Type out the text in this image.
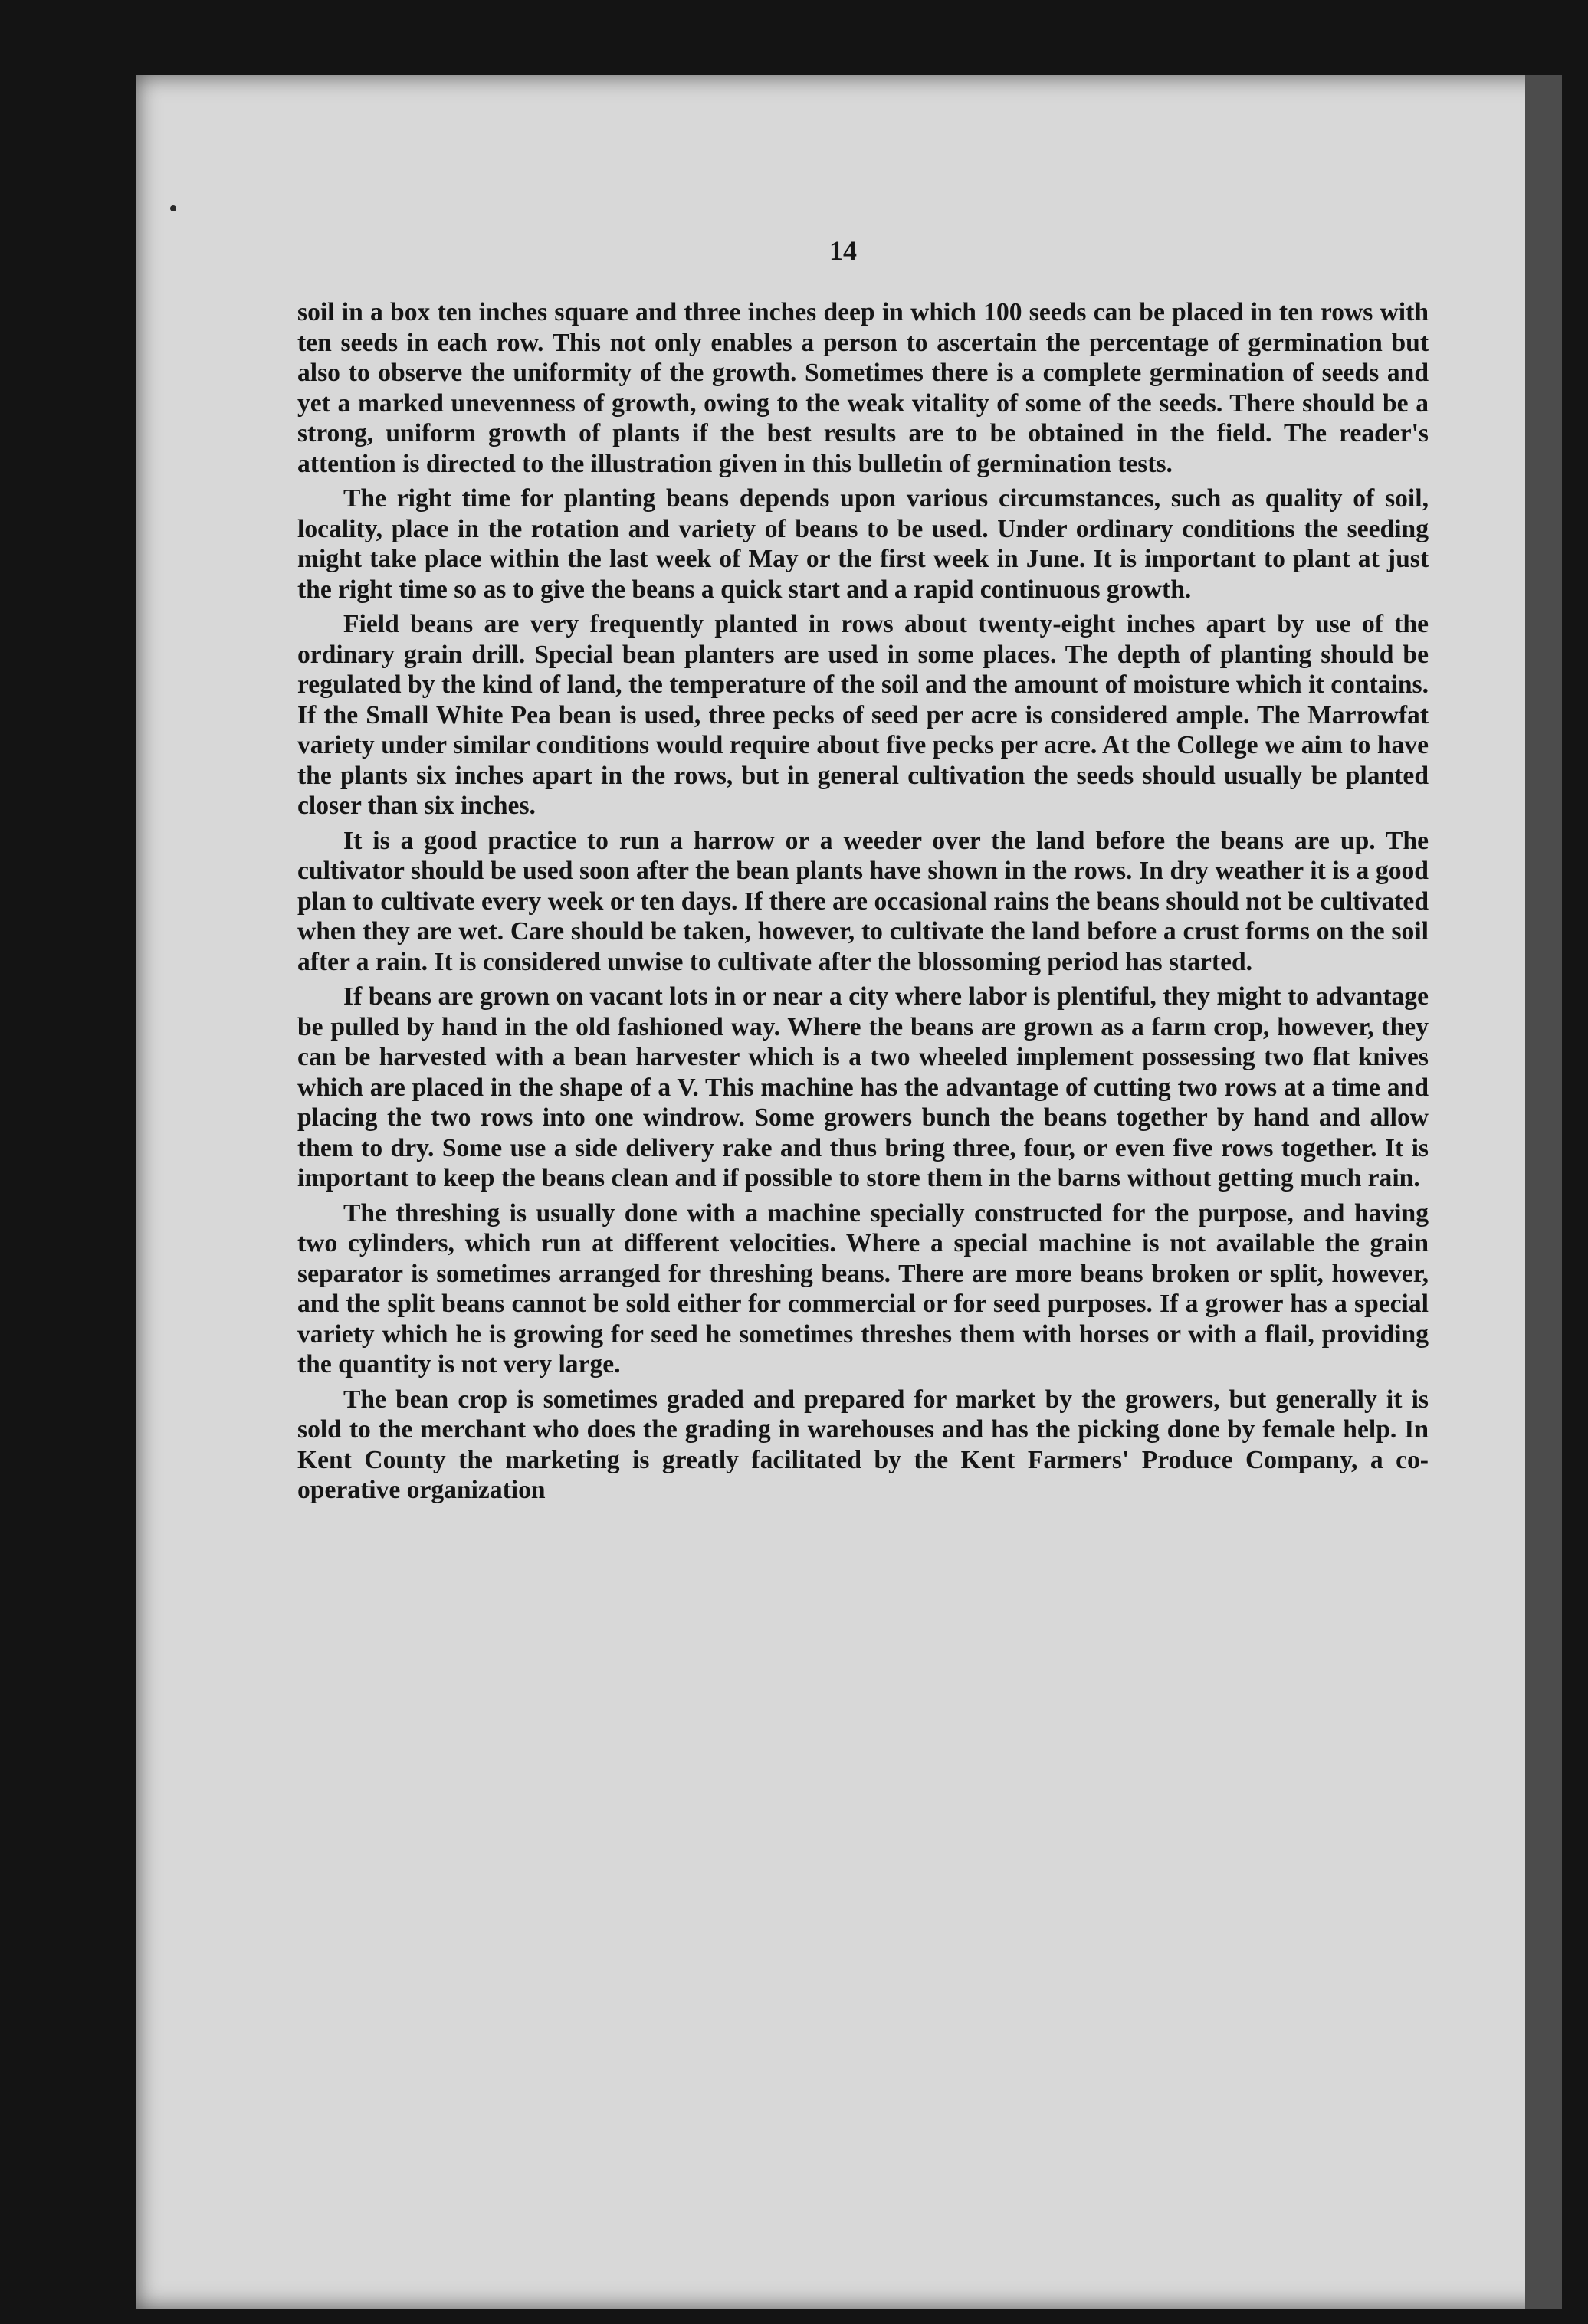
14

soil in a box ten inches square and three inches deep in which 100 seeds can be placed in ten rows with ten seeds in each row. This not only enables a person to ascertain the percentage of germination but also to observe the uniformity of the growth. Sometimes there is a complete germination of seeds and yet a marked unevenness of growth, owing to the weak vitality of some of the seeds. There should be a strong, uniform growth of plants if the best results are to be obtained in the field. The reader's attention is directed to the illustration given in this bulletin of germination tests.

The right time for planting beans depends upon various circumstances, such as quality of soil, locality, place in the rotation and variety of beans to be used. Under ordinary conditions the seeding might take place within the last week of May or the first week in June. It is important to plant at just the right time so as to give the beans a quick start and a rapid continuous growth.

Field beans are very frequently planted in rows about twenty-eight inches apart by use of the ordinary grain drill. Special bean planters are used in some places. The depth of planting should be regulated by the kind of land, the temperature of the soil and the amount of moisture which it contains. If the Small White Pea bean is used, three pecks of seed per acre is considered ample. The Marrowfat variety under similar conditions would require about five pecks per acre. At the College we aim to have the plants six inches apart in the rows, but in general cultivation the seeds should usually be planted closer than six inches.

It is a good practice to run a harrow or a weeder over the land before the beans are up. The cultivator should be used soon after the bean plants have shown in the rows. In dry weather it is a good plan to cultivate every week or ten days. If there are occasional rains the beans should not be cultivated when they are wet. Care should be taken, however, to cultivate the land before a crust forms on the soil after a rain. It is considered unwise to cultivate after the blossoming period has started.

If beans are grown on vacant lots in or near a city where labor is plentiful, they might to advantage be pulled by hand in the old fashioned way. Where the beans are grown as a farm crop, however, they can be harvested with a bean harvester which is a two wheeled implement possessing two flat knives which are placed in the shape of a V. This machine has the advantage of cutting two rows at a time and placing the two rows into one windrow. Some growers bunch the beans together by hand and allow them to dry. Some use a side delivery rake and thus bring three, four, or even five rows together. It is important to keep the beans clean and if possible to store them in the barns without getting much rain.

The threshing is usually done with a machine specially constructed for the purpose, and having two cylinders, which run at different velocities. Where a special machine is not available the grain separator is sometimes arranged for threshing beans. There are more beans broken or split, however, and the split beans cannot be sold either for commercial or for seed purposes. If a grower has a special variety which he is growing for seed he sometimes threshes them with horses or with a flail, providing the quantity is not very large.

The bean crop is sometimes graded and prepared for market by the growers, but generally it is sold to the merchant who does the grading in warehouses and has the picking done by female help. In Kent County the marketing is greatly facilitated by the Kent Farmers' Produce Company, a co-operative organization
